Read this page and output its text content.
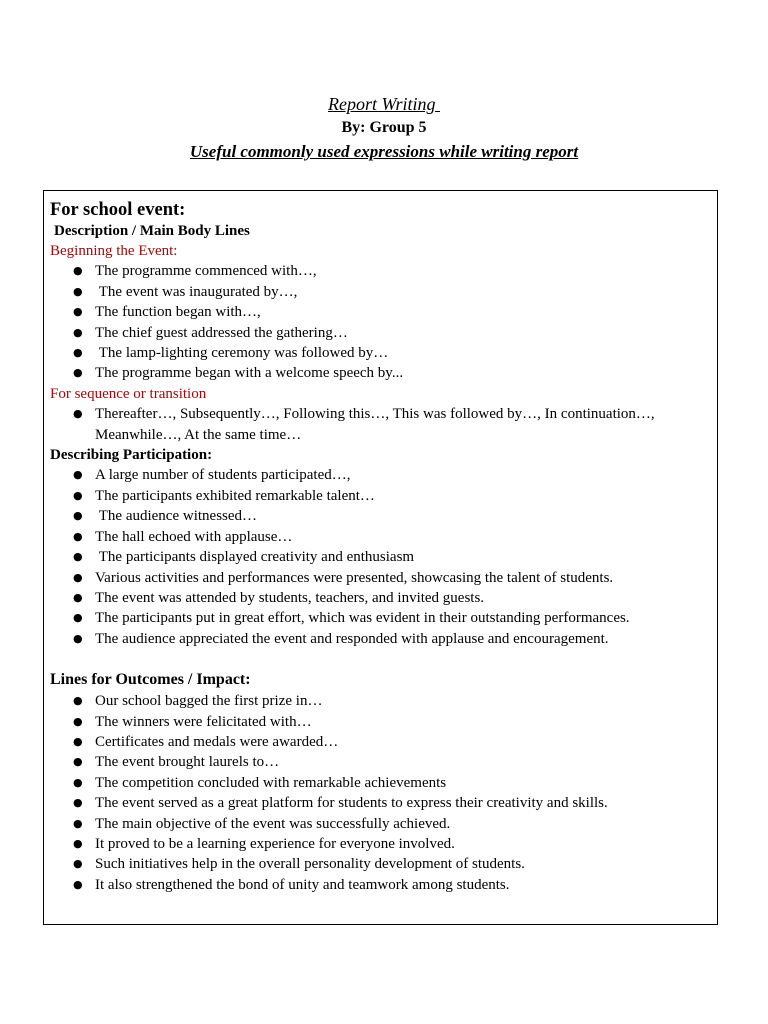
Report Writing
By: Group 5
Useful commonly used expressions while writing report
For school event:
Description / Main Body Lines
Beginning the Event:
● The programme commenced with…,
● The event was inaugurated by…,
● The function began with…,
● The chief guest addressed the gathering…
● The lamp-lighting ceremony was followed by…
● The programme began with a welcome speech by...
For sequence or transition
● Thereafter…, Subsequently…, Following this…, This was followed by…, In continuation…, Meanwhile…, At the same time…
Describing Participation:
● A large number of students participated…,
● The participants exhibited remarkable talent…
● The audience witnessed…
● The hall echoed with applause…
● The participants displayed creativity and enthusiasm
● Various activities and performances were presented, showcasing the talent of students.
● The event was attended by students, teachers, and invited guests.
● The participants put in great effort, which was evident in their outstanding performances.
● The audience appreciated the event and responded with applause and encouragement.
Lines for Outcomes / Impact:
● Our school bagged the first prize in…
● The winners were felicitated with…
● Certificates and medals were awarded…
● The event brought laurels to…
● The competition concluded with remarkable achievements
● The event served as a great platform for students to express their creativity and skills.
● The main objective of the event was successfully achieved.
● It proved to be a learning experience for everyone involved.
● Such initiatives help in the overall personality development of students.
● It also strengthened the bond of unity and teamwork among students.
